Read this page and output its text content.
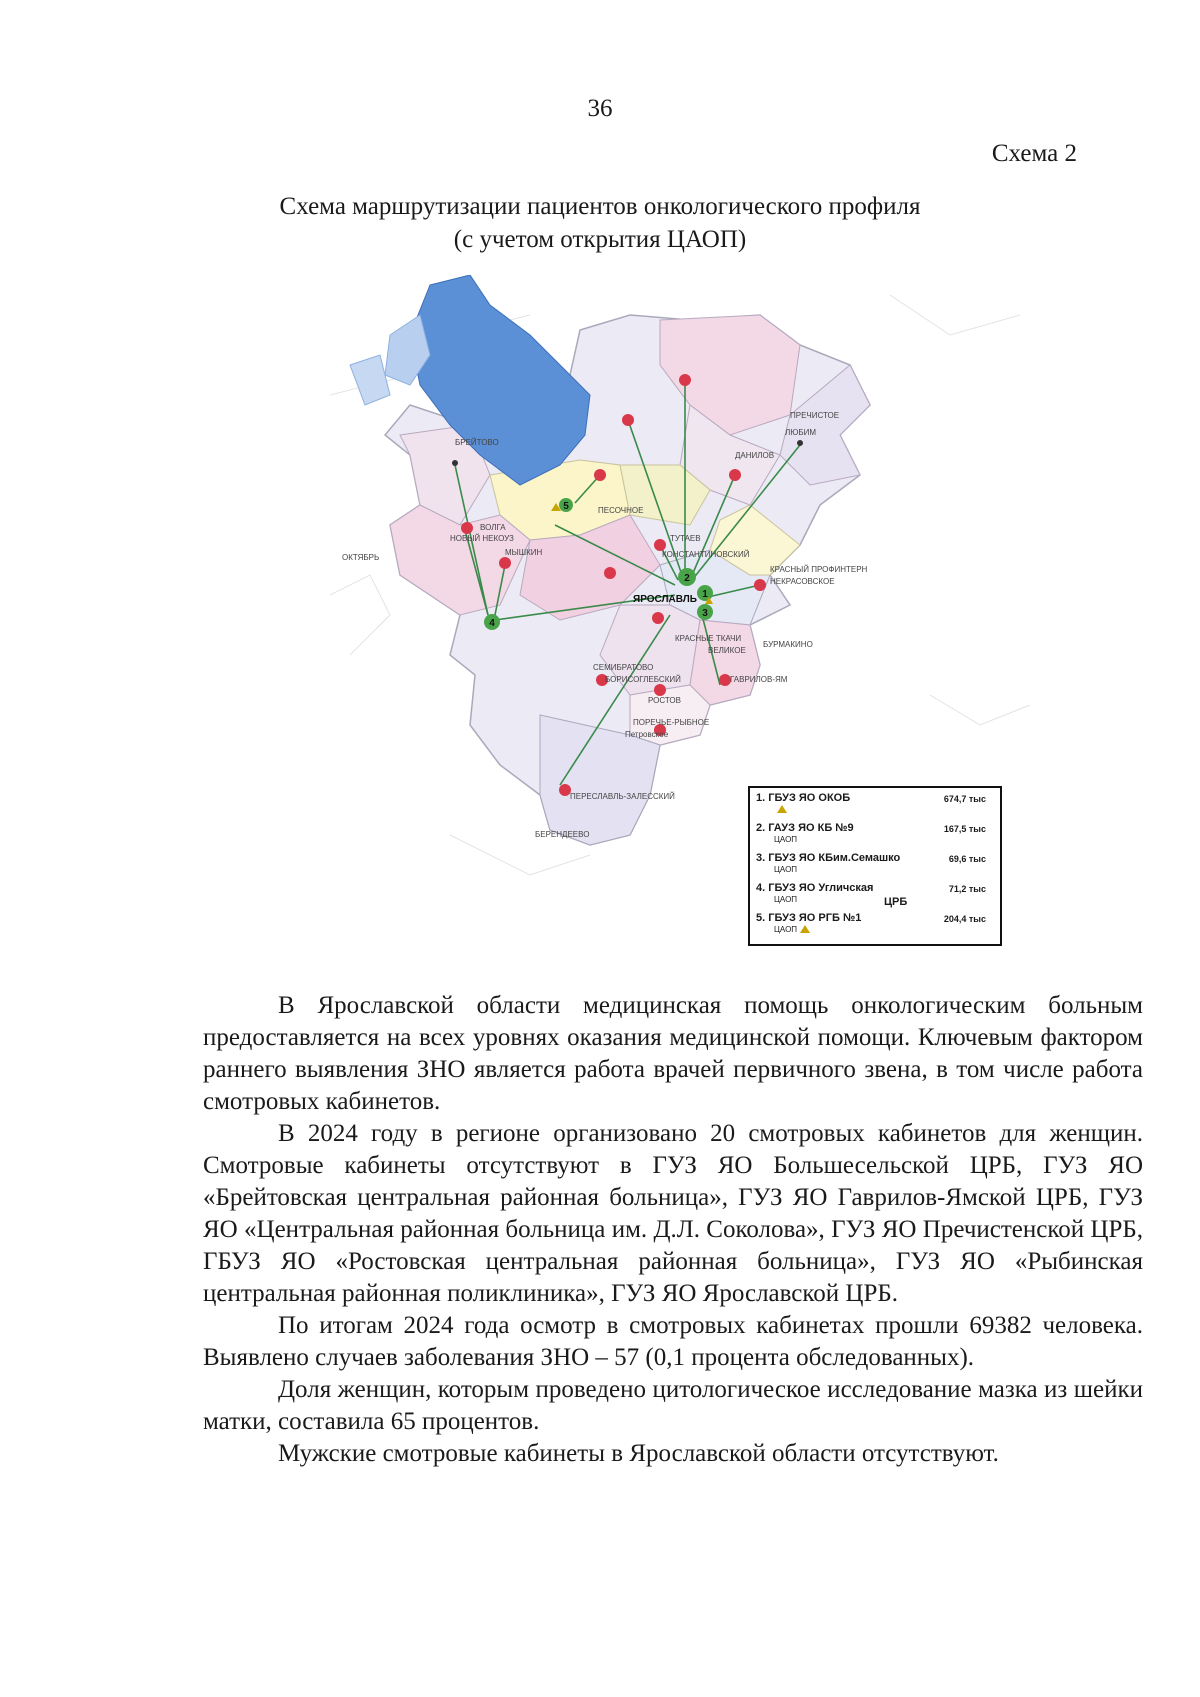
36
Схема 2
Схема маршрутизации пациентов онкологического профиля
(с учетом открытия ЦАОП)
1
2
3
4
5
БРЕЙТОВО
ДАНИЛОВ
ПРЕЧИСТОЕ
ЛЮБИМ
ПЕСОЧНОЕ
ТУТАЕВ
КОНСТАНТИНОВСКИЙ
КРАСНЫЙ ПРОФИНТЕРН
НЕКРАСОВСКОЕ
ВОЛГА
НОВЫЙ НЕКОУЗ
МЫШКИН
ОКТЯБРЬ
ЯРОСЛАВЛЬ
КРАСНЫЕ ТКАЧИ
ВЕЛИКОЕ
БУРМАКИНО
СЕМИБРАТОВО
БОРИСОГЛЕБСКИЙ	ГАВРИЛОВ-ЯМ
РОСТОВ
ПОРЕЧЬЕ-РЫБНОЕ
Петровское
ПЕРЕСЛАВЛЬ-ЗАЛЕССКИЙ
БЕРЕНДЕЕВО
1. ГБУЗ ЯО ОКОБ	674,7 тыс
2. ГАУЗ ЯО КБ №9
ЦАОП
167,5 тыс
3. ГБУЗ ЯО КБим.Семашко
ЦАОП
69,6 тыс
4. ГБУЗ ЯО Угличская
ЦАОП	ЦРБ
71,2 тыс
5. ГБУЗ ЯО РГБ №1
ЦАОП
204,4 тыс

В Ярославской области медицинская помощь онкологическим больным предоставляется на всех уровнях оказания медицинской помощи. Ключевым фактором раннего выявления ЗНО является работа врачей первичного звена, в том числе работа смотровых кабинетов.

В 2024 году в регионе организовано 20 смотровых кабинетов для женщин. Смотровые кабинеты отсутствуют в ГУЗ ЯО Большесельской ЦРБ, ГУЗ ЯО «Брейтовская центральная районная больница», ГУЗ ЯО Гаврилов-Ямской ЦРБ, ГУЗ ЯО «Центральная районная больница им. Д.Л. Соколова», ГУЗ ЯО Пречистенской ЦРБ, ГБУЗ ЯО «Ростовская центральная районная больница», ГУЗ ЯО «Рыбинская центральная районная поликлиника», ГУЗ ЯО Ярославской ЦРБ.

По итогам 2024 года осмотр в смотровых кабинетах прошли 69382 человека. Выявлено случаев заболевания ЗНО – 57 (0,1 процента обследованных).

Доля женщин, которым проведено цитологическое исследование мазка из шейки матки, составила 65 процентов.

Мужские смотровые кабинеты в Ярославской области отсутствуют.
